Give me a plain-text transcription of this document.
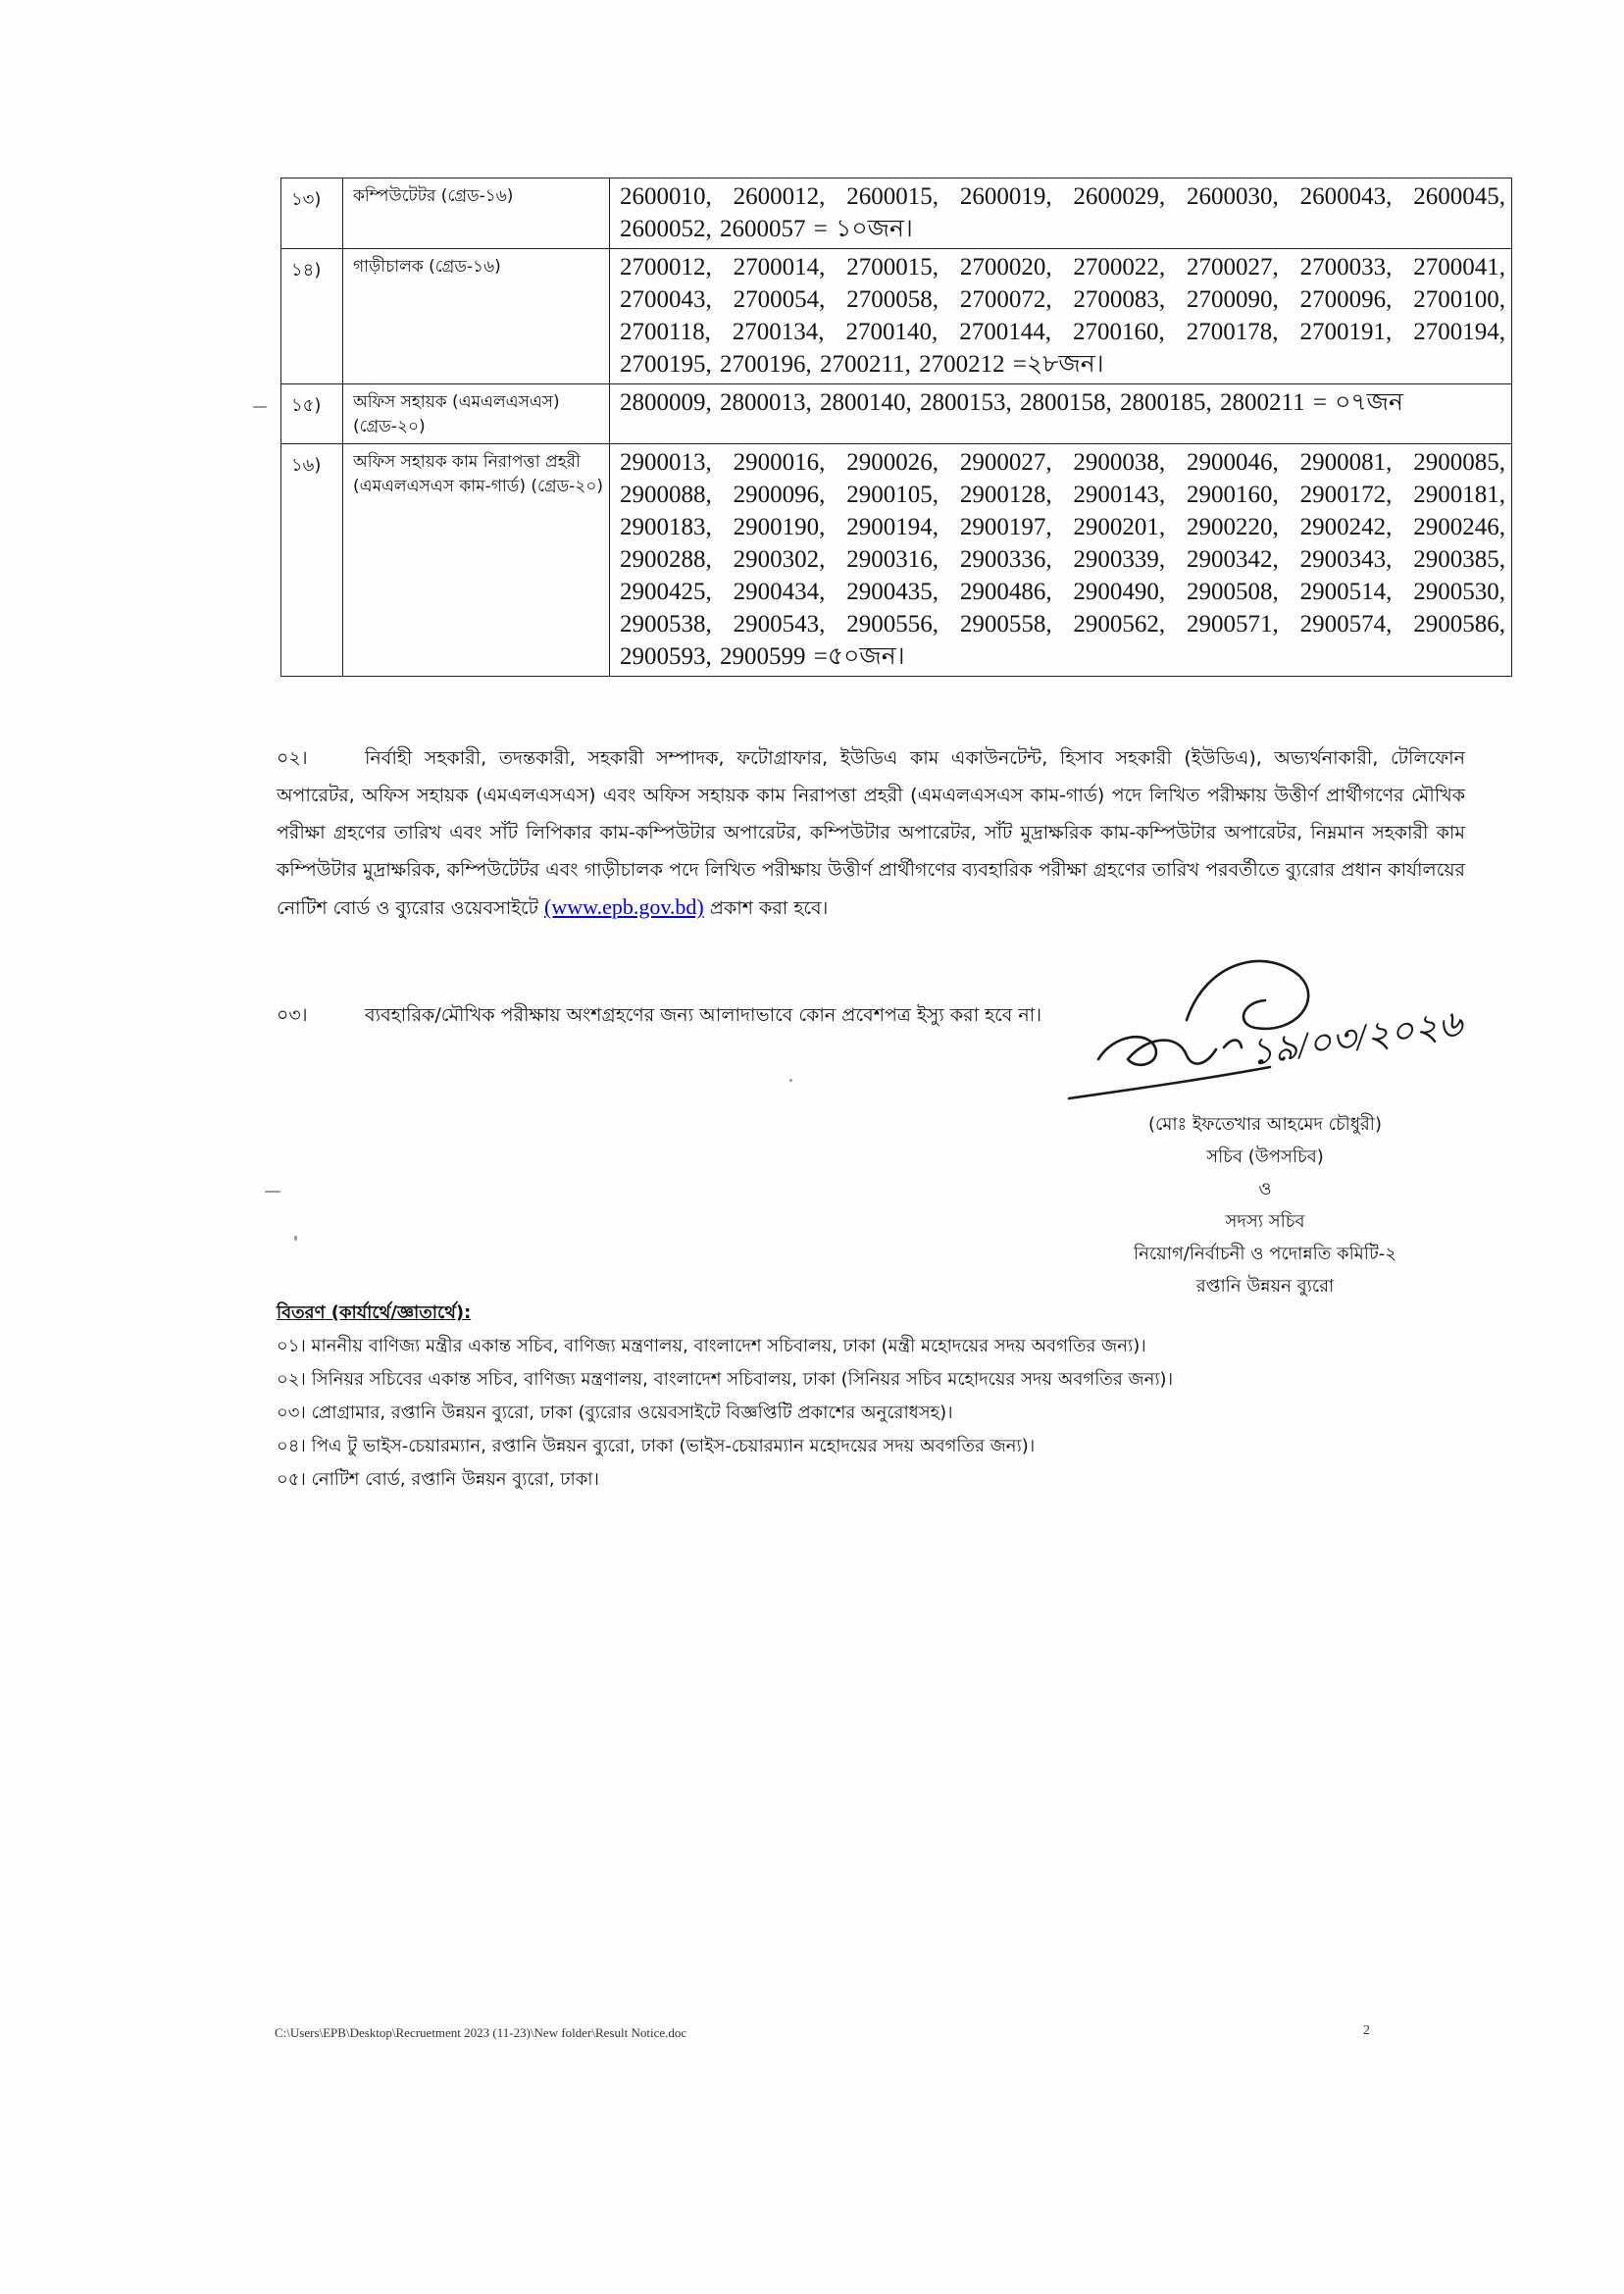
১৩)	কম্পিউটেটর (গ্রেড-১৬)	2600010, 2600012, 2600015, 2600019, 2600029, 2600030, 2600043, 2600045, 2600052, 2600057 = ১০জন।
১৪)	গাড়ীচালক (গ্রেড-১৬)	2700012, 2700014, 2700015, 2700020, 2700022, 2700027, 2700033, 2700041, 2700043, 2700054, 2700058, 2700072, 2700083, 2700090, 2700096, 2700100, 2700118, 2700134, 2700140, 2700144, 2700160, 2700178, 2700191, 2700194, 2700195, 2700196, 2700211, 2700212 =২৮জন।
১৫)	অফিস সহায়ক (এমএলএসএস) (গ্রেড-২০)	2800009, 2800013, 2800140, 2800153, 2800158, 2800185, 2800211 = ০৭জন
১৬)	অফিস সহায়ক কাম নিরাপত্তা প্রহরী (এমএলএসএস কাম-গার্ড) (গ্রেড-২০)	2900013, 2900016, 2900026, 2900027, 2900038, 2900046, 2900081, 2900085, 2900088, 2900096, 2900105, 2900128, 2900143, 2900160, 2900172, 2900181, 2900183, 2900190, 2900194, 2900197, 2900201, 2900220, 2900242, 2900246, 2900288, 2900302, 2900316, 2900336, 2900339, 2900342, 2900343, 2900385, 2900425, 2900434, 2900435, 2900486, 2900490, 2900508, 2900514, 2900530, 2900538, 2900543, 2900556, 2900558, 2900562, 2900571, 2900574, 2900586, 2900593, 2900599 =৫০জন।
০২।	নির্বাহী সহকারী, তদন্তকারী, সহকারী সম্পাদক, ফটোগ্রাফার, ইউডিএ কাম একাউনটেন্ট, হিসাব সহকারী (ইউডিএ), অভ্যর্থনাকারী, টেলিফোন অপারেটর, অফিস সহায়ক (এমএলএসএস) এবং অফিস সহায়ক কাম নিরাপত্তা প্রহরী (এমএলএসএস কাম-গার্ড) পদে লিখিত পরীক্ষায় উত্তীর্ণ প্রার্থীগণের মৌখিক পরীক্ষা গ্রহণের তারিখ এবং সাঁট লিপিকার কাম-কম্পিউটার অপারেটর, কম্পিউটার অপারেটর, সাঁট মুদ্রাক্ষরিক কাম-কম্পিউটার অপারেটর, নিম্নমান সহকারী কাম কম্পিউটার মুদ্রাক্ষরিক, কম্পিউটেটর এবং গাড়ীচালক পদে লিখিত পরীক্ষায় উত্তীর্ণ প্রার্থীগণের ব্যবহারিক পরীক্ষা গ্রহণের তারিখ পরবর্তীতে ব্যুরোর প্রধান কার্যালয়ের নোটিশ বোর্ড ও ব্যুরোর ওয়েবসাইটে (www.epb.gov.bd) প্রকাশ করা হবে।
০৩।	ব্যবহারিক/মৌখিক পরীক্ষায় অংশগ্রহণের জন্য আলাদাভাবে কোন প্রবেশপত্র ইস্যু করা হবে না।	১৯/০৩/২০২৬
(মোঃ ইফতেখার আহমেদ চৌধুরী)
সচিব (উপসচিব)
ও
সদস্য সচিব
নিয়োগ/নির্বাচনী ও পদোন্নতি কমিটি-২
রপ্তানি উন্নয়ন ব্যুরো
বিতরণ (কার্যার্থে/জ্ঞাতার্থে):
০১। মাননীয় বাণিজ্য মন্ত্রীর একান্ত সচিব, বাণিজ্য মন্ত্রণালয়, বাংলাদেশ সচিবালয়, ঢাকা (মন্ত্রী মহোদয়ের সদয় অবগতির জন্য)।
০২। সিনিয়র সচিবের একান্ত সচিব, বাণিজ্য মন্ত্রণালয়, বাংলাদেশ সচিবালয়, ঢাকা (সিনিয়র সচিব মহোদয়ের সদয় অবগতির জন্য)।
০৩। প্রোগ্রামার, রপ্তানি উন্নয়ন ব্যুরো, ঢাকা (ব্যুরোর ওয়েবসাইটে বিজ্ঞপ্তিটি প্রকাশের অনুরোধসহ)।
০৪। পিএ টু ভাইস-চেয়ারম্যান, রপ্তানি উন্নয়ন ব্যুরো, ঢাকা (ভাইস-চেয়ারম্যান মহোদয়ের সদয় অবগতির জন্য)।
০৫। নোটিশ বোর্ড, রপ্তানি উন্নয়ন ব্যুরো, ঢাকা।
C:\Users\EPB\Desktop\Recruetment 2023 (11-23)\New folder\Result Notice.doc	2
